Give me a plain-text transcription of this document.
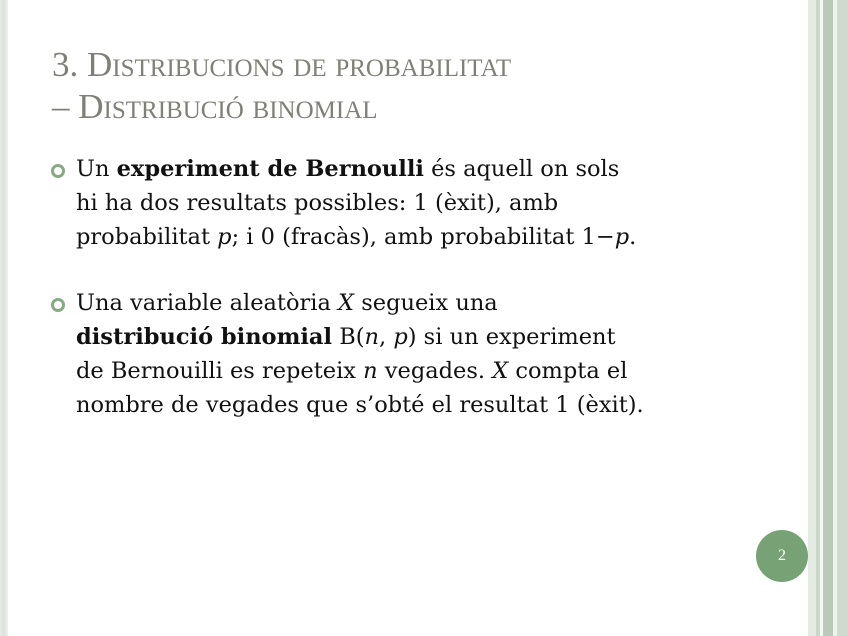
3. Distribucions de probabilitat
– Distribució binomial
Un experiment de Bernoulli és aquell on sols
hi ha dos resultats possibles: 1 (èxit), amb
probabilitat p; i 0 (fracàs), amb probabilitat 1−p.
Una variable aleatòria X segueix una
distribució binomial B(n, p) si un experiment
de Bernouilli es repeteix n vegades. X compta el
nombre de vegades que s’obté el resultat 1 (èxit).
2
